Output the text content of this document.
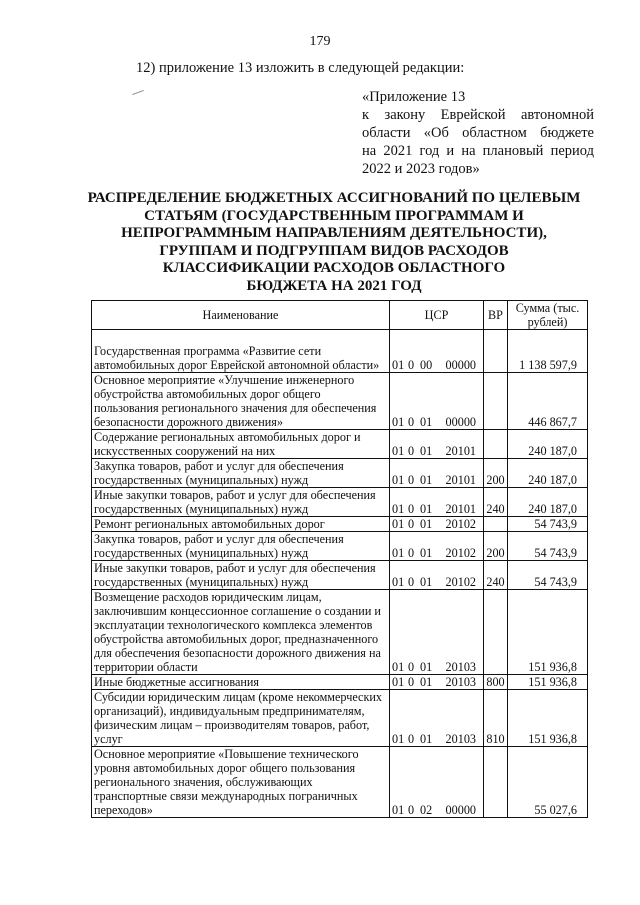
179
12) приложение 13 изложить в следующей редакции:
«Приложение 13
к закону Еврейской автономной
области «Об областном бюджете
на 2021 год и на плановый период
2022 и 2023 годов»
РАСПРЕДЕЛЕНИЕ БЮДЖЕТНЫХ АССИГНОВАНИЙ ПО ЦЕЛЕВЫМ
СТАТЬЯМ (ГОСУДАРСТВЕННЫМ ПРОГРАММАМ И
НЕПРОГРАММНЫМ НАПРАВЛЕНИЯМ ДЕЯТЕЛЬНОСТИ),
ГРУППАМ И ПОДГРУППАМ ВИДОВ РАСХОДОВ
КЛАССИФИКАЦИИ РАСХОДОВ ОБЛАСТНОГО
БЮДЖЕТА НА 2021 ГОД
Наименование	ЦСР	ВР	Сумма (тыс. рублей)
Государственная программа «Развитие сети автомобильных дорог Еврейской автономной области»	01 0 00 00000		1 138 597,9
Основное мероприятие «Улучшение инженерного обустройства автомобильных дорог общего пользования регионального значения для обеспечения безопасности дорожного движения»	01 0 01 00000		446 867,7
Содержание региональных автомобильных дорог и искусственных сооружений на них	01 0 01 20101		240 187,0
Закупка товаров, работ и услуг для обеспечения государственных (муниципальных) нужд	01 0 01 20101	200	240 187,0
Иные закупки товаров, работ и услуг для обеспечения государственных (муниципальных) нужд	01 0 01 20101	240	240 187,0
Ремонт региональных автомобильных дорог	01 0 01 20102		54 743,9
Закупка товаров, работ и услуг для обеспечения государственных (муниципальных) нужд	01 0 01 20102	200	54 743,9
Иные закупки товаров, работ и услуг для обеспечения государственных (муниципальных) нужд	01 0 01 20102	240	54 743,9
Возмещение расходов юридическим лицам, заключившим концессионное соглашение о создании и эксплуатации технологического комплекса элементов обустройства автомобильных дорог, предназначенного для обеспечения безопасности дорожного движения на территории области	01 0 01 20103		151 936,8
Иные бюджетные ассигнования	01 0 01 20103	800	151 936,8
Субсидии юридическим лицам (кроме некоммерческих организаций), индивидуальным предпринимателям, физическим лицам – производителям товаров, работ, услуг	01 0 01 20103	810	151 936,8
Основное мероприятие «Повышение технического уровня автомобильных дорог общего пользования регионального значения, обслуживающих транспортные связи международных пограничных переходов»	01 0 02 00000		55 027,6
